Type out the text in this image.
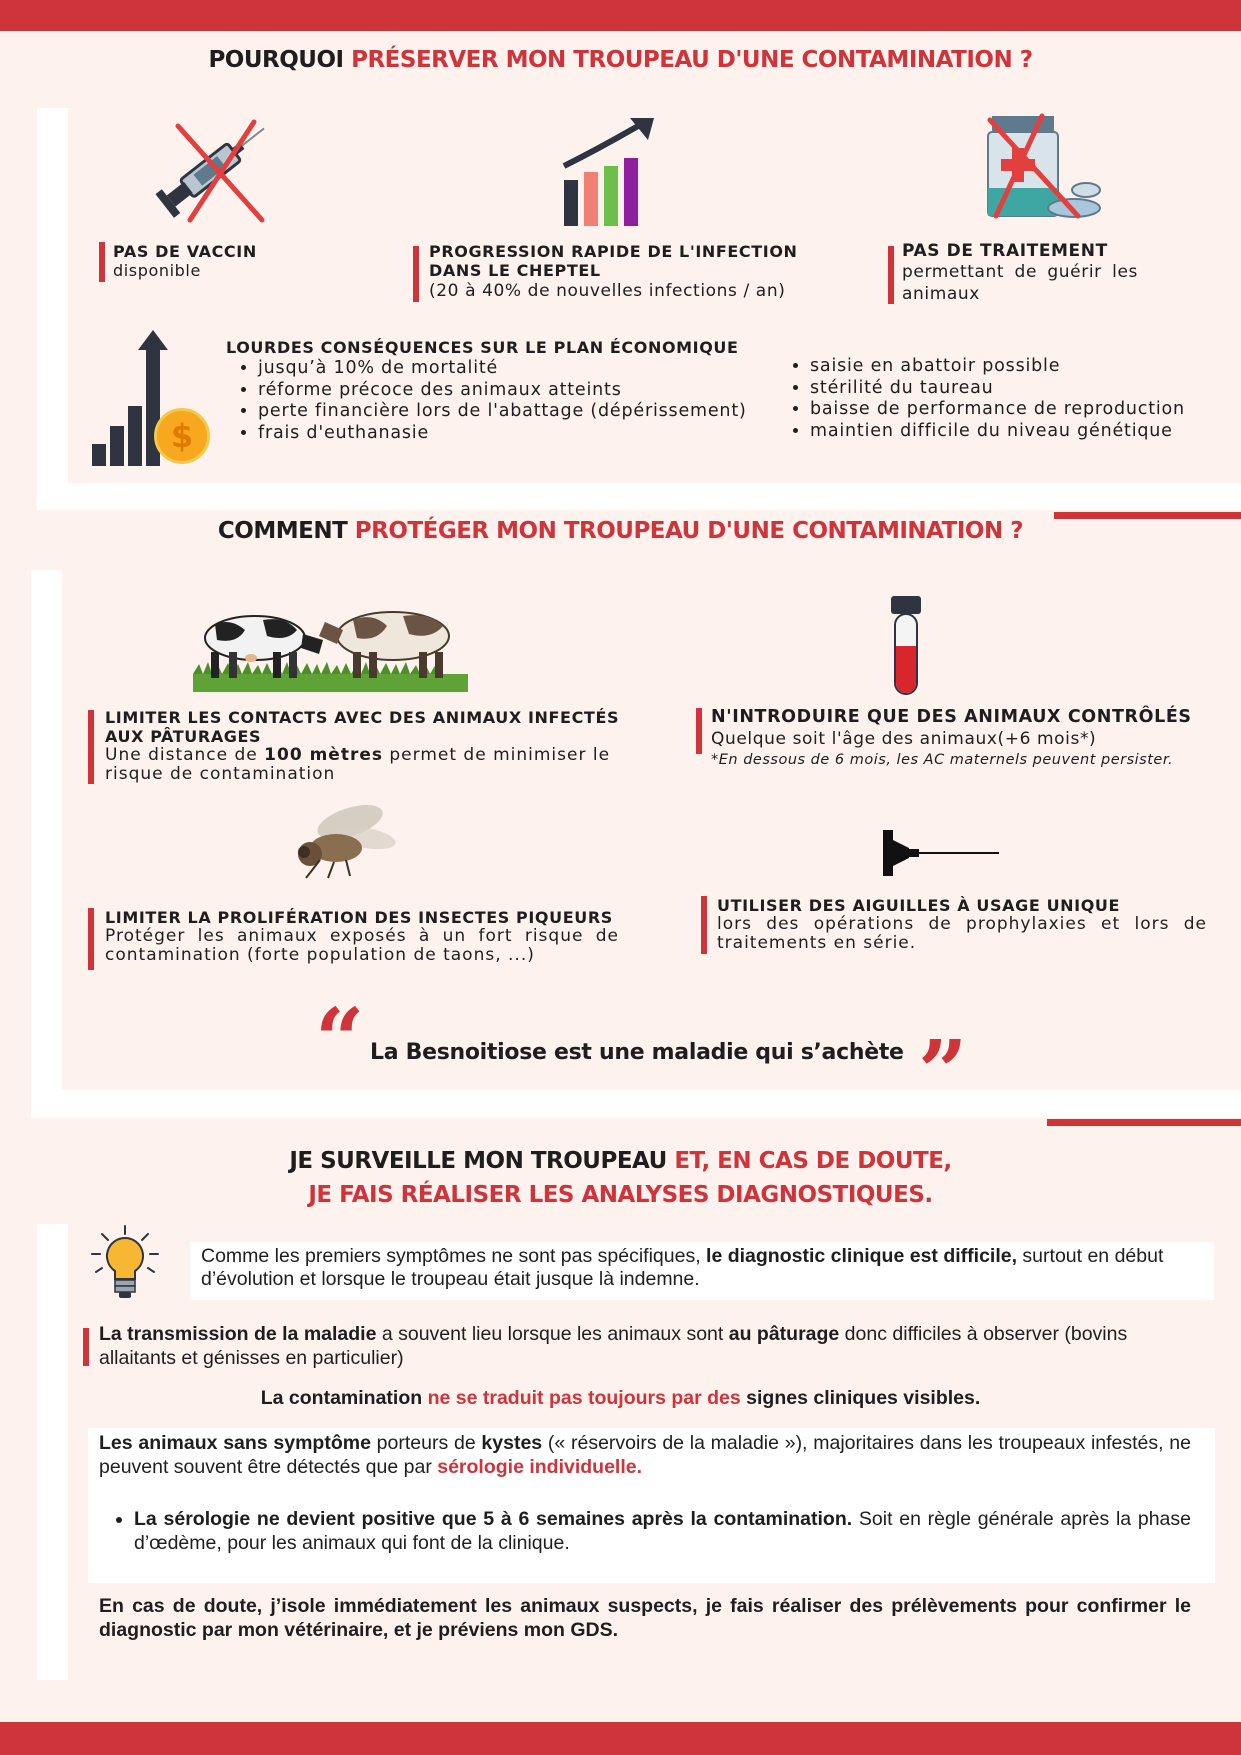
POURQUOI PRÉSERVER MON TROUPEAU D'UNE CONTAMINATION ?
PAS DE VACCIN
disponible
PROGRESSION RAPIDE DE L'INFECTION
DANS LE CHEPTEL
(20 à 40% de nouvelles infections / an)
PAS DE TRAITEMENT
permettant de guérir les animaux
$
LOURDES CONSÉQUENCES SUR LE PLAN ÉCONOMIQUE
• jusqu’à 10% de mortalité
• réforme précoce des animaux atteints
• perte financière lors de l'abattage (dépérissement)
• frais d'euthanasie
• saisie en abattoir possible
• stérilité du taureau
• baisse de performance de reproduction
• maintien difficile du niveau génétique
COMMENT PROTÉGER MON TROUPEAU D'UNE CONTAMINATION ?
LIMITER LES CONTACTS AVEC DES ANIMAUX INFECTÉS
AUX PÂTURAGES
Une distance de 100 mètres permet de minimiser le risque de contamination
N'INTRODUIRE QUE DES ANIMAUX CONTRÔLÉS
Quelque soit l'âge des animaux(+6 mois*)
*En dessous de 6 mois, les AC maternels peuvent persister.
LIMITER LA PROLIFÉRATION DES INSECTES PIQUEURS
Protéger les animaux exposés à un fort risque de contamination (forte population de taons, ...)
UTILISER DES AIGUILLES À USAGE UNIQUE
lors des opérations de prophylaxies et lors de traitements en série.
“ La Besnoitiose est une maladie qui s’achète ”
JE SURVEILLE MON TROUPEAU ET, EN CAS DE DOUTE,
JE FAIS RÉALISER LES ANALYSES DIAGNOSTIQUES.
Comme les premiers symptômes ne sont pas spécifiques, le diagnostic clinique est difficile, surtout en début d’évolution et lorsque le troupeau était jusque là indemne.
La transmission de la maladie a souvent lieu lorsque les animaux sont au pâturage donc difficiles à observer (bovins allaitants et génisses en particulier)
La contamination ne se traduit pas toujours par des signes cliniques visibles.
Les animaux sans symptôme porteurs de kystes (« réservoirs de la maladie »), majoritaires dans les troupeaux infestés, ne peuvent souvent être détectés que par sérologie individuelle.
• La sérologie ne devient positive que 5 à 6 semaines après la contamination. Soit en règle générale après la phase d’œdème, pour les animaux qui font de la clinique.
En cas de doute, j’isole immédiatement les animaux suspects, je fais réaliser des prélèvements pour confirmer le diagnostic par mon vétérinaire, et je préviens mon GDS.
